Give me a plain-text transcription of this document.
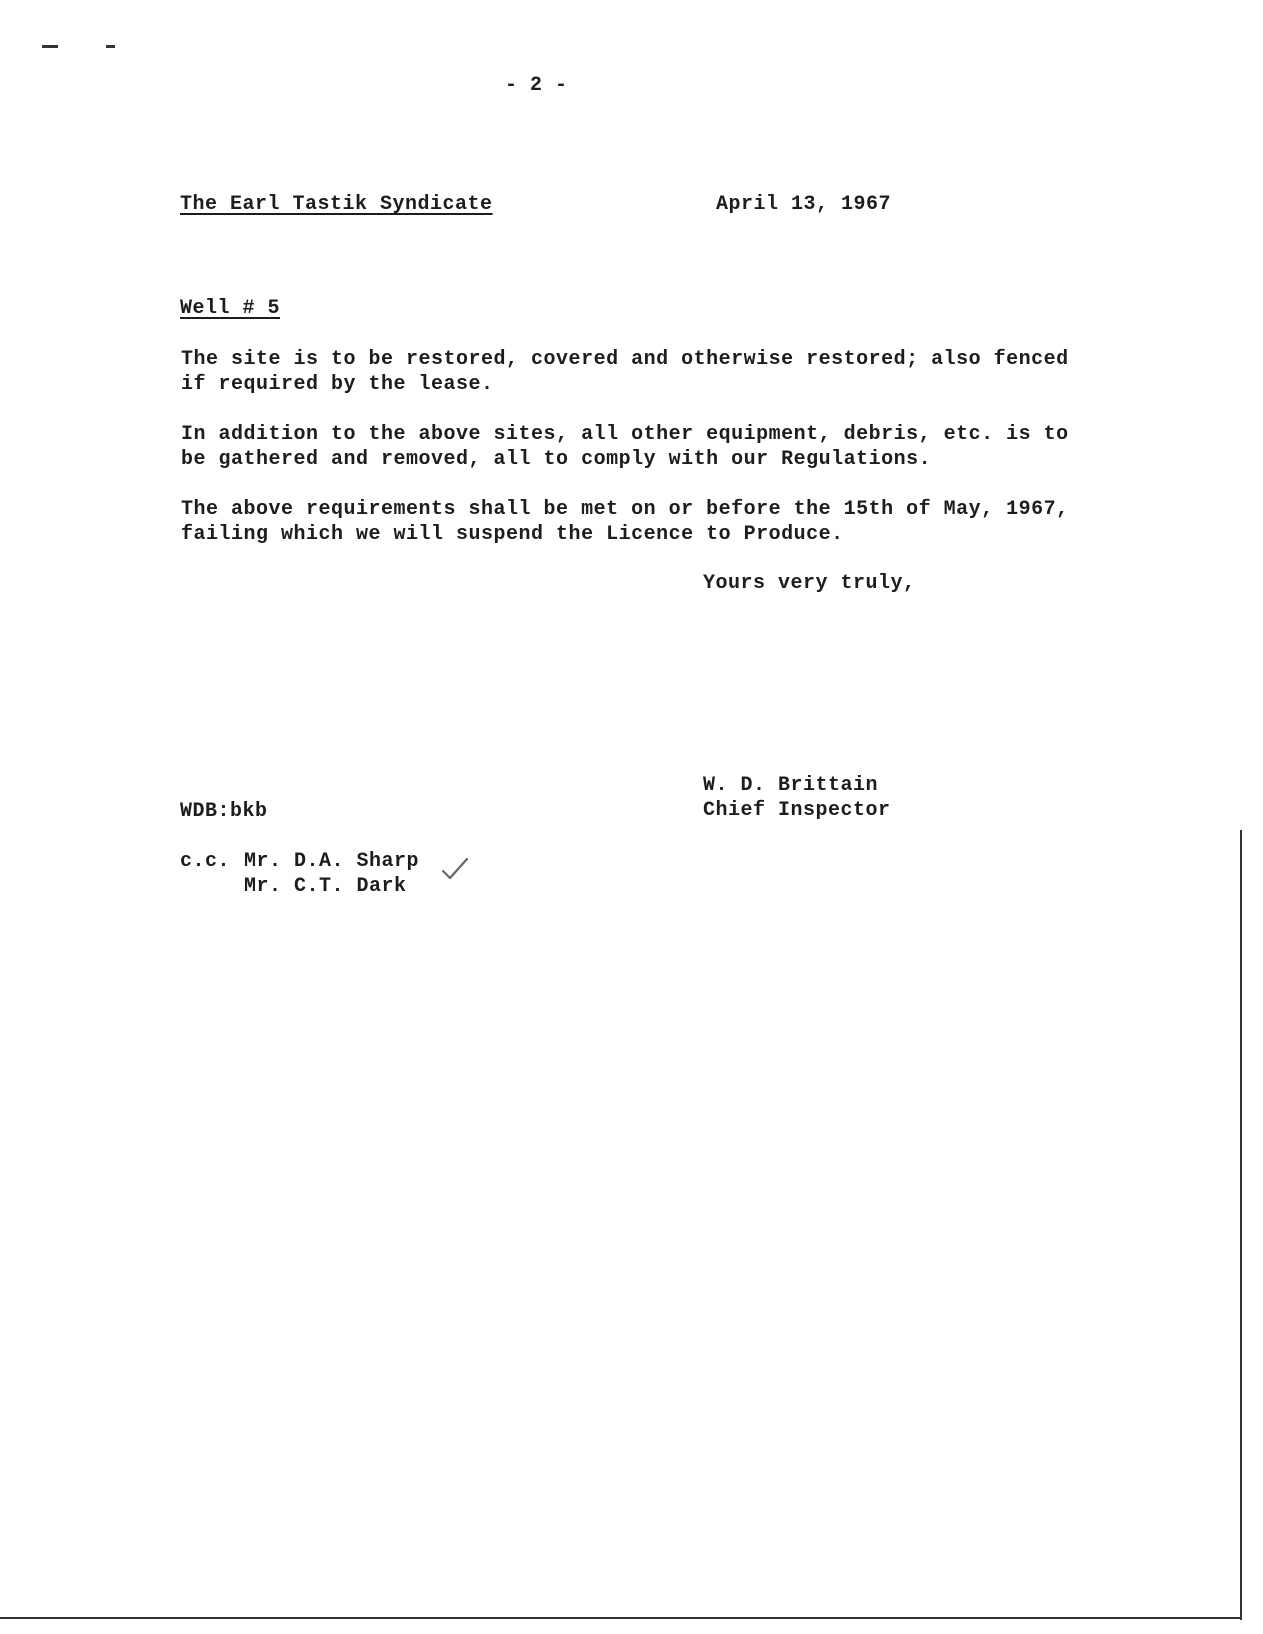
- 2 -
The Earl Tastik Syndicate	April 13, 1967
Well # 5
The site is to be restored, covered and otherwise restored; also fenced
if required by the lease.
In addition to the above sites, all other equipment, debris, etc. is to
be gathered and removed, all to comply with our Regulations.
The above requirements shall be met on or before the 15th of May, 1967,
failing which we will suspend the Licence to Produce.
Yours very truly,
W. D. Brittain
Chief Inspector
WDB:bkb
c.c. Mr. D.A. Sharp
Mr. C.T. Dark
